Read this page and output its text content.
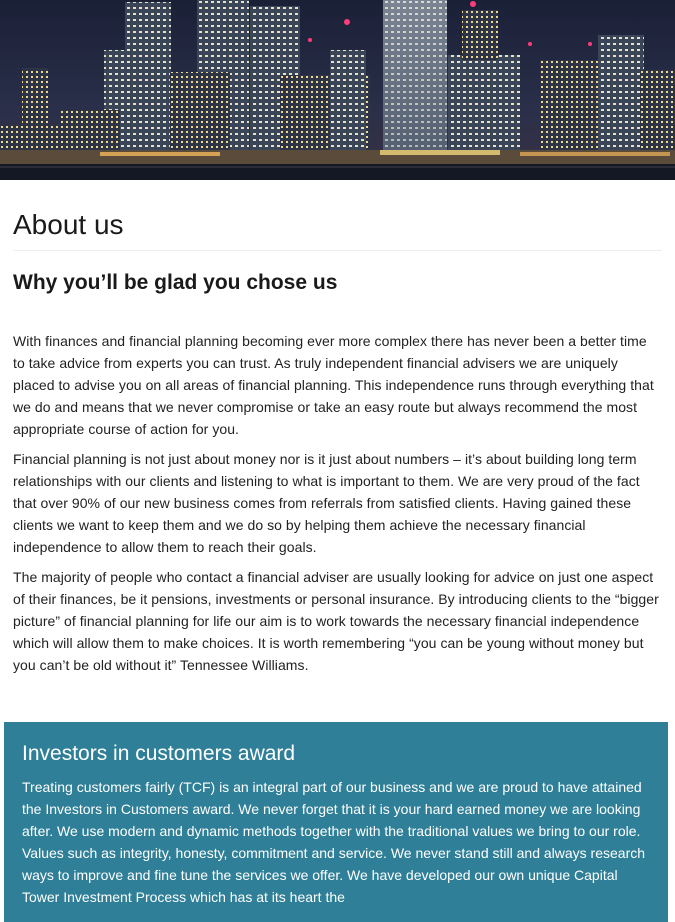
About us
Why you’ll be glad you chose us

With finances and financial planning becoming ever more complex there has never been a better time to take advice from experts you can trust. As truly independent financial advisers we are uniquely placed to advise you on all areas of financial planning. This independence runs through everything that we do and means that we never compromise or take an easy route but always recommend the most appropriate course of action for you.

Financial planning is not just about money nor is it just about numbers – it’s about building long term relationships with our clients and listening to what is important to them. We are very proud of the fact that over 90% of our new business comes from referrals from satisfied clients. Having gained these clients we want to keep them and we do so by helping them achieve the necessary financial independence to allow them to reach their goals.

The majority of people who contact a financial adviser are usually looking for advice on just one aspect of their finances, be it pensions, investments or personal insurance. By introducing clients to the “bigger picture” of financial planning for life our aim is to work towards the necessary financial independence which will allow them to make choices. It is worth remembering “you can be young without money but you can’t be old without it” Tennessee Williams.

Investors in customers award

Treating customers fairly (TCF) is an integral part of our business and we are proud to have attained the Investors in Customers award. We never forget that it is your hard earned money we are looking after. We use modern and dynamic methods together with the traditional values we bring to our role. Values such as integrity, honesty, commitment and service. We never stand still and always research ways to improve and fine tune the services we offer. We have developed our own unique Capital Tower Investment Process which has at its heart the
